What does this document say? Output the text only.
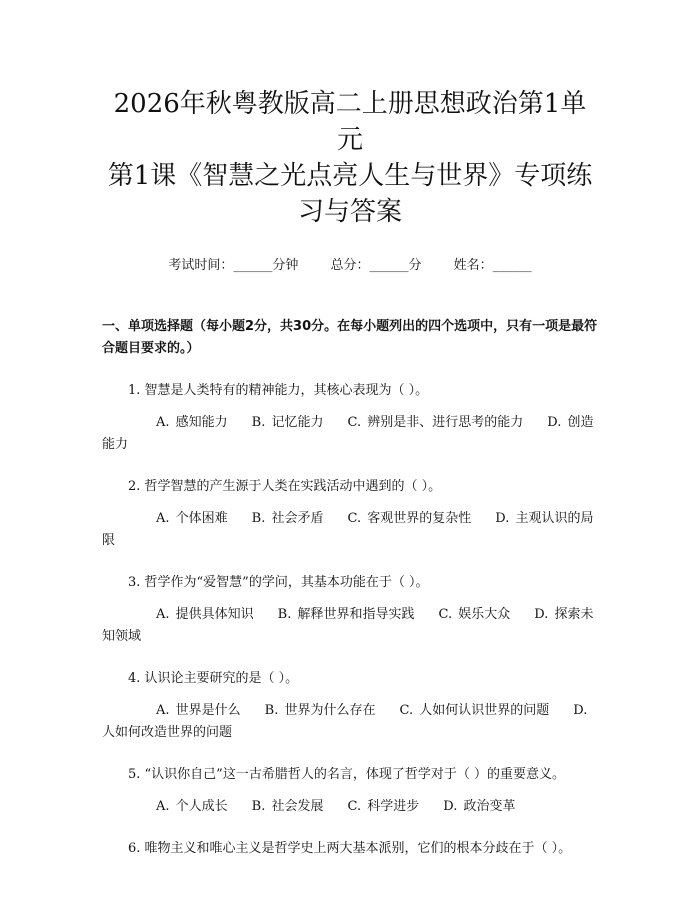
2026年秋粤教版高二上册思想政治第1单元
第1课《智慧之光点亮人生与世界》专项练
习与答案
考试时间：______分钟 总分：______分 姓名：______
一、单项选择题（每小题2分，共30分。在每小题列出的四个选项中，只有一项是最符合题目要求的。）

1. 智慧是人类特有的精神能力，其核心表现为（ ）。

A. 感知能力 B. 记忆能力 C. 辨别是非、进行思考的能力 D. 创造能力

2. 哲学智慧的产生源于人类在实践活动中遇到的（ ）。

A. 个体困难 B. 社会矛盾 C. 客观世界的复杂性 D. 主观认识的局限

3. 哲学作为“爱智慧”的学问，其基本功能在于（ ）。

A. 提供具体知识 B. 解释世界和指导实践 C. 娱乐大众 D. 探索未知领域

4. 认识论主要研究的是（ ）。

A. 世界是什么 B. 世界为什么存在 C. 人如何认识世界的问题 D. 人如何改造世界的问题

5. “认识你自己”这一古希腊哲人的名言，体现了哲学对于（ ）的重要意义。

A. 个人成长 B. 社会发展 C. 科学进步 D. 政治变革

6. 唯物主义和唯心主义是哲学史上两大基本派别，它们的根本分歧在于（ ）。
